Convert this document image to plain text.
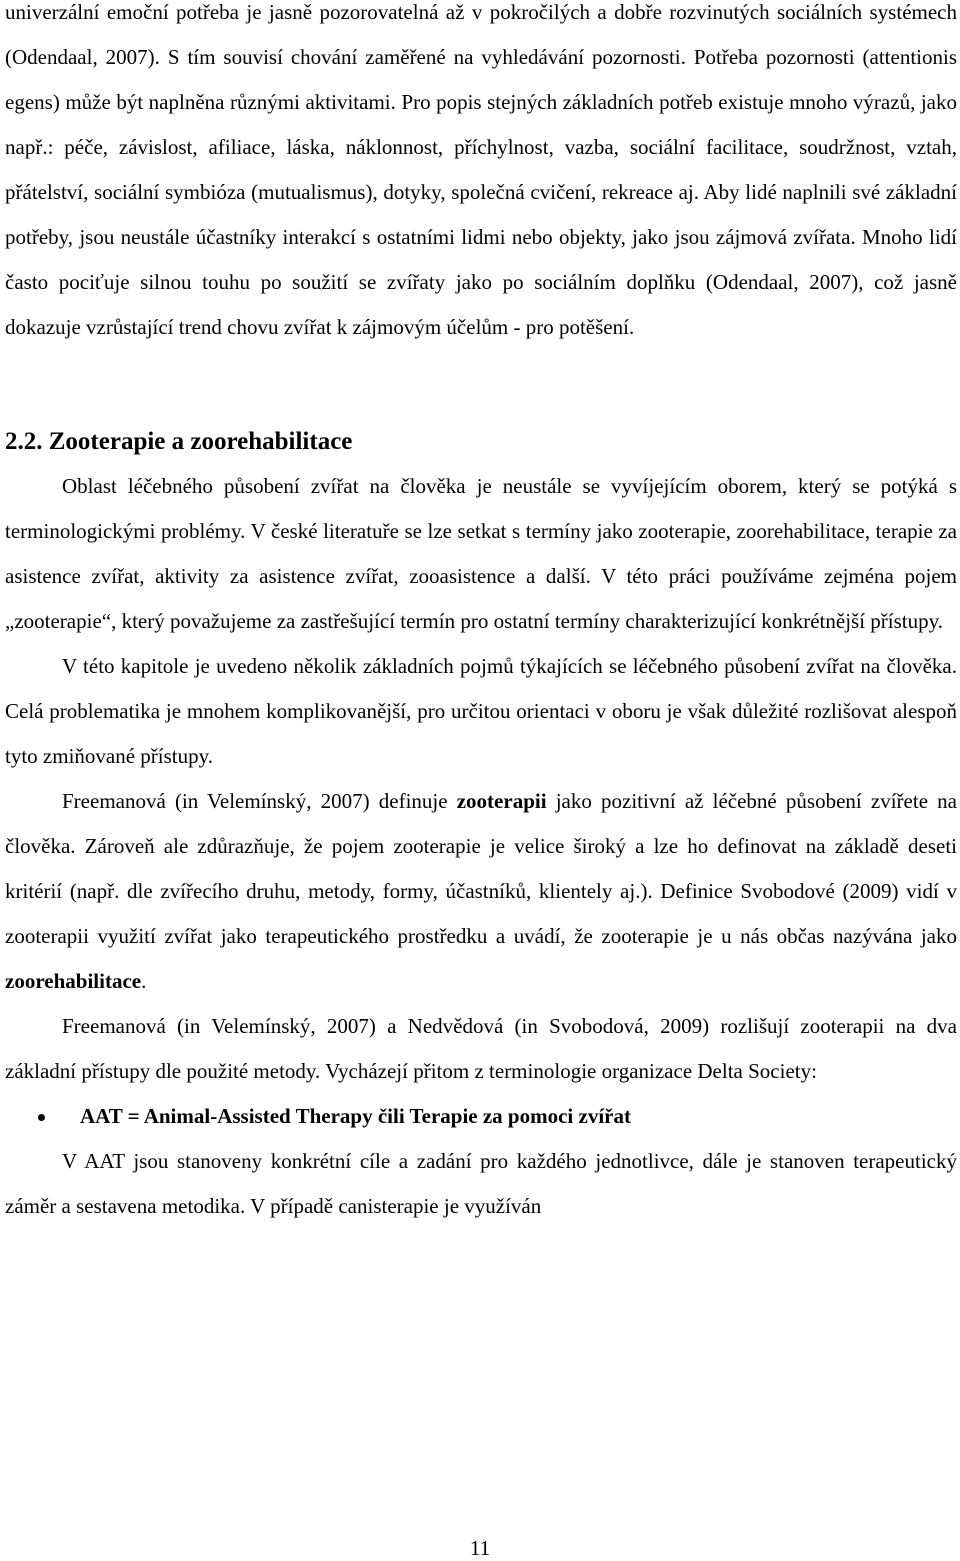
univerzální emoční potřeba je jasně pozorovatelná až v pokročilých a dobře rozvinutých sociálních systémech (Odendaal, 2007). S tím souvisí chování zaměřené na vyhledávání pozornosti. Potřeba pozornosti (attentionis egens) může být naplněna různými aktivitami. Pro popis stejných základních potřeb existuje mnoho výrazů, jako např.: péče, závislost, afiliace, láska, náklonnost, příchylnost, vazba, sociální facilitace, soudržnost, vztah, přátelství, sociální symbióza (mutualismus), dotyky, společná cvičení, rekreace aj. Aby lidé naplnili své základní potřeby, jsou neustále účastníky interakcí s ostatními lidmi nebo objekty, jako jsou zájmová zvířata. Mnoho lidí často pociťuje silnou touhu po soužití se zvířaty jako po sociálním doplňku (Odendaal, 2007), což jasně dokazuje vzrůstající trend chovu zvířat k zájmovým účelům - pro potěšení.

2.2. Zooterapie a zoorehabilitace

Oblast léčebného působení zvířat na člověka je neustále se vyvíjejícím oborem, který se potýká s terminologickými problémy. V české literatuře se lze setkat s termíny jako zooterapie, zoorehabilitace, terapie za asistence zvířat, aktivity za asistence zvířat, zooasistence a další. V této práci používáme zejména pojem „zooterapie“, který považujeme za zastřešující termín pro ostatní termíny charakterizující konkrétnější přístupy.

V této kapitole je uvedeno několik základních pojmů týkajících se léčebného působení zvířat na člověka. Celá problematika je mnohem komplikovanější, pro určitou orientaci v oboru je však důležité rozlišovat alespoň tyto zmiňované přístupy.

Freemanová (in Velemínský, 2007) definuje zooterapii jako pozitivní až léčebné působení zvířete na člověka. Zároveň ale zdůrazňuje, že pojem zooterapie je velice široký a lze ho definovat na základě deseti kritérií (např. dle zvířecího druhu, metody, formy, účastníků, klientely aj.). Definice Svobodové (2009) vidí v zooterapii využití zvířat jako terapeutického prostředku a uvádí, že zooterapie je u nás občas nazývána jako zoorehabilitace.

Freemanová (in Velemínský, 2007) a Nedvědová (in Svobodová, 2009) rozlišují zooterapii na dva základní přístupy dle použité metody. Vycházejí přitom z terminologie organizace Delta Society:

AAT = Animal-Assisted Therapy čili Terapie za pomoci zvířat

V AAT jsou stanoveny konkrétní cíle a zadání pro každého jednotlivce, dále je stanoven terapeutický záměr a sestavena metodika. V případě canisterapie je využíván

11
